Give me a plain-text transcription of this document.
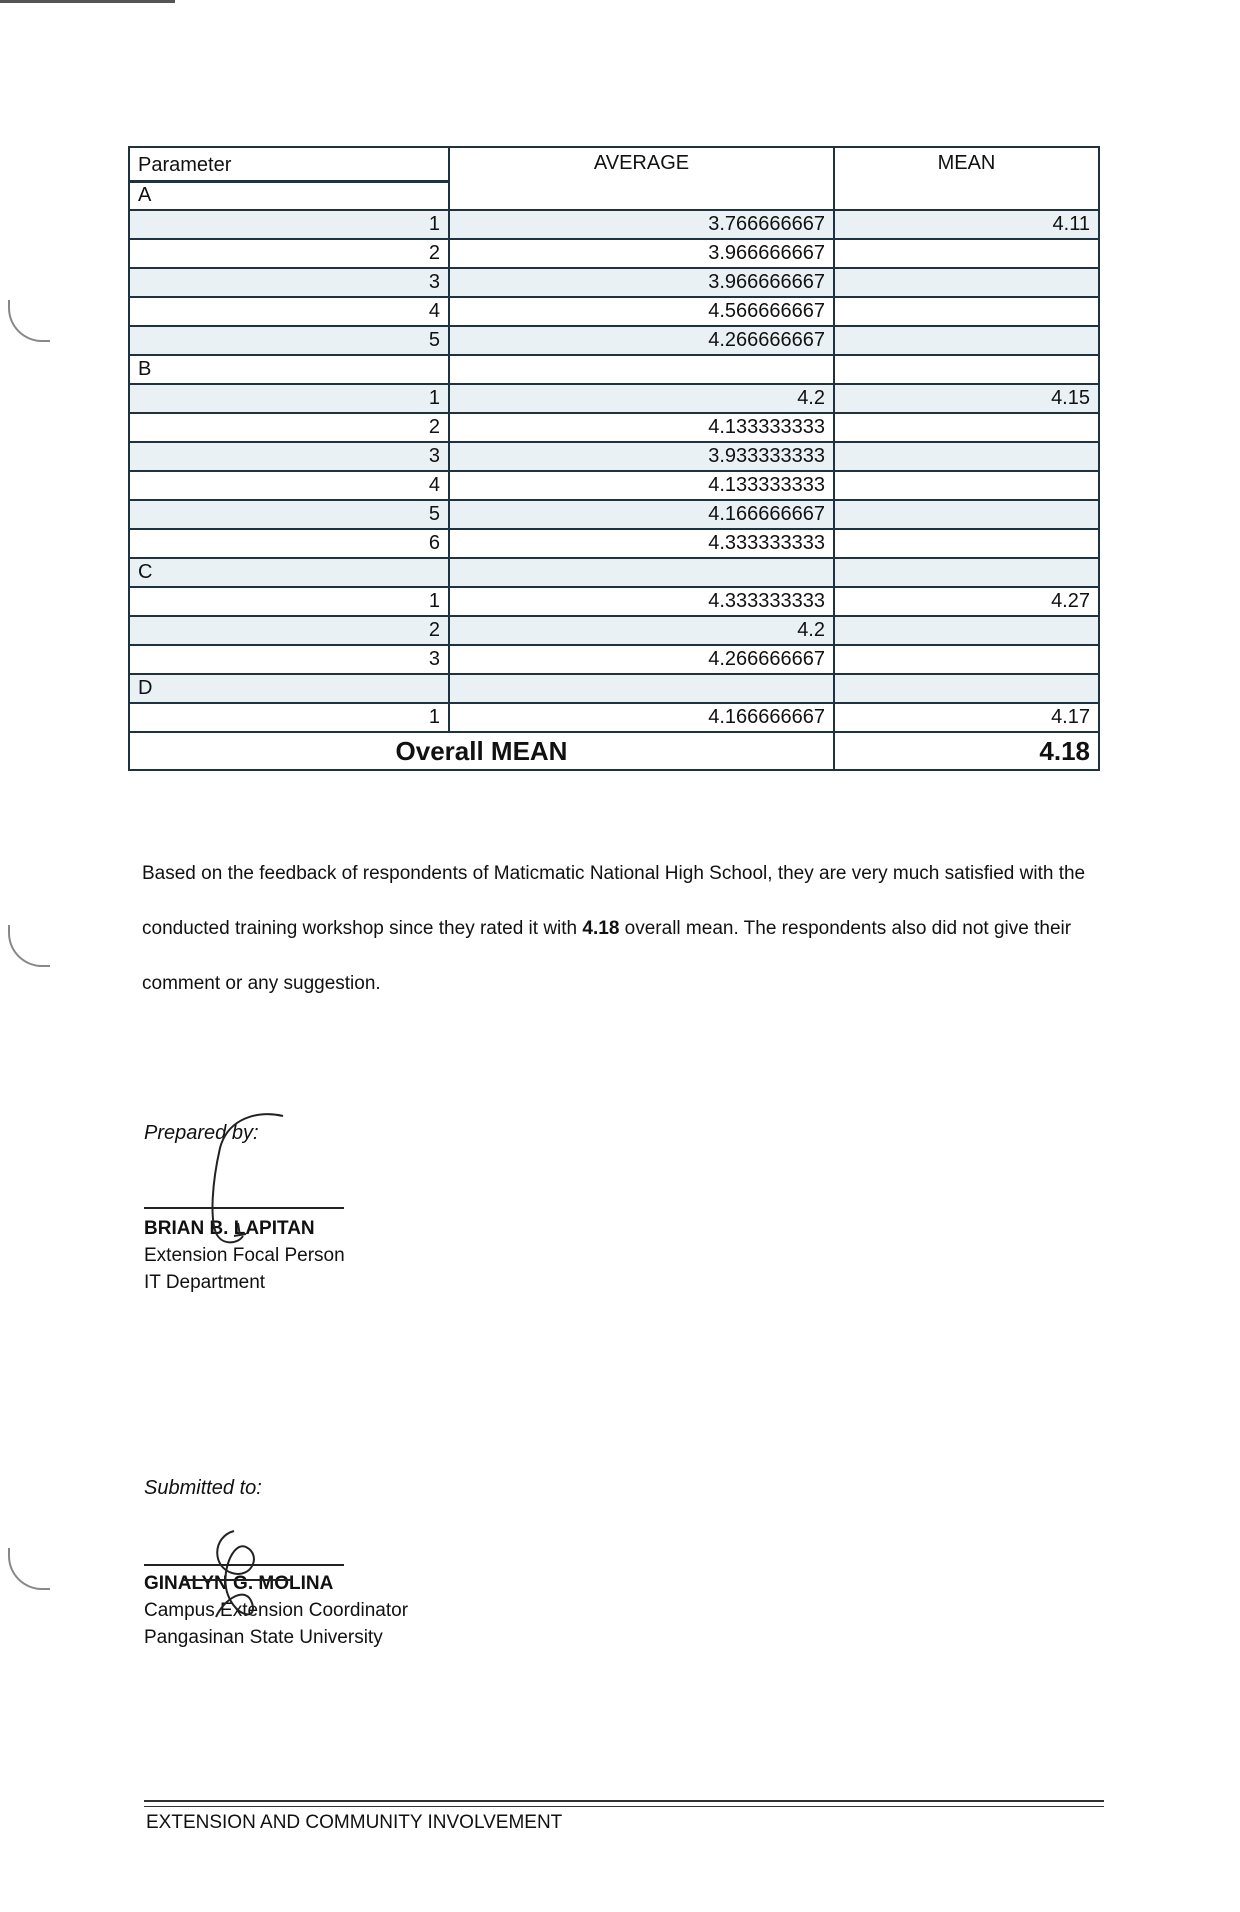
Parameter	AVERAGE	MEAN
A		
1	3.766666667	4.11
2	3.966666667	
3	3.966666667	
4	4.566666667	
5	4.266666667	
B		
1	4.2	4.15
2	4.133333333	
3	3.933333333	
4	4.133333333	
5	4.166666667	
6	4.333333333	
C		
1	4.333333333	4.27
2	4.2	
3	4.266666667	
D		
1	4.166666667	4.17
Overall MEAN		4.18
Based on the feedback of respondents of Maticmatic National High School, they are very much satisfied with the conducted training workshop since they rated it with 4.18 overall mean. The respondents also did not give their comment or any suggestion.
Prepared by:
BRIAN B. LAPITAN
Extension Focal Person
IT Department
Submitted to:
GINALYN G. MOLINA
Campus Extension Coordinator
Pangasinan State University
EXTENSION AND COMMUNITY INVOLVEMENT
